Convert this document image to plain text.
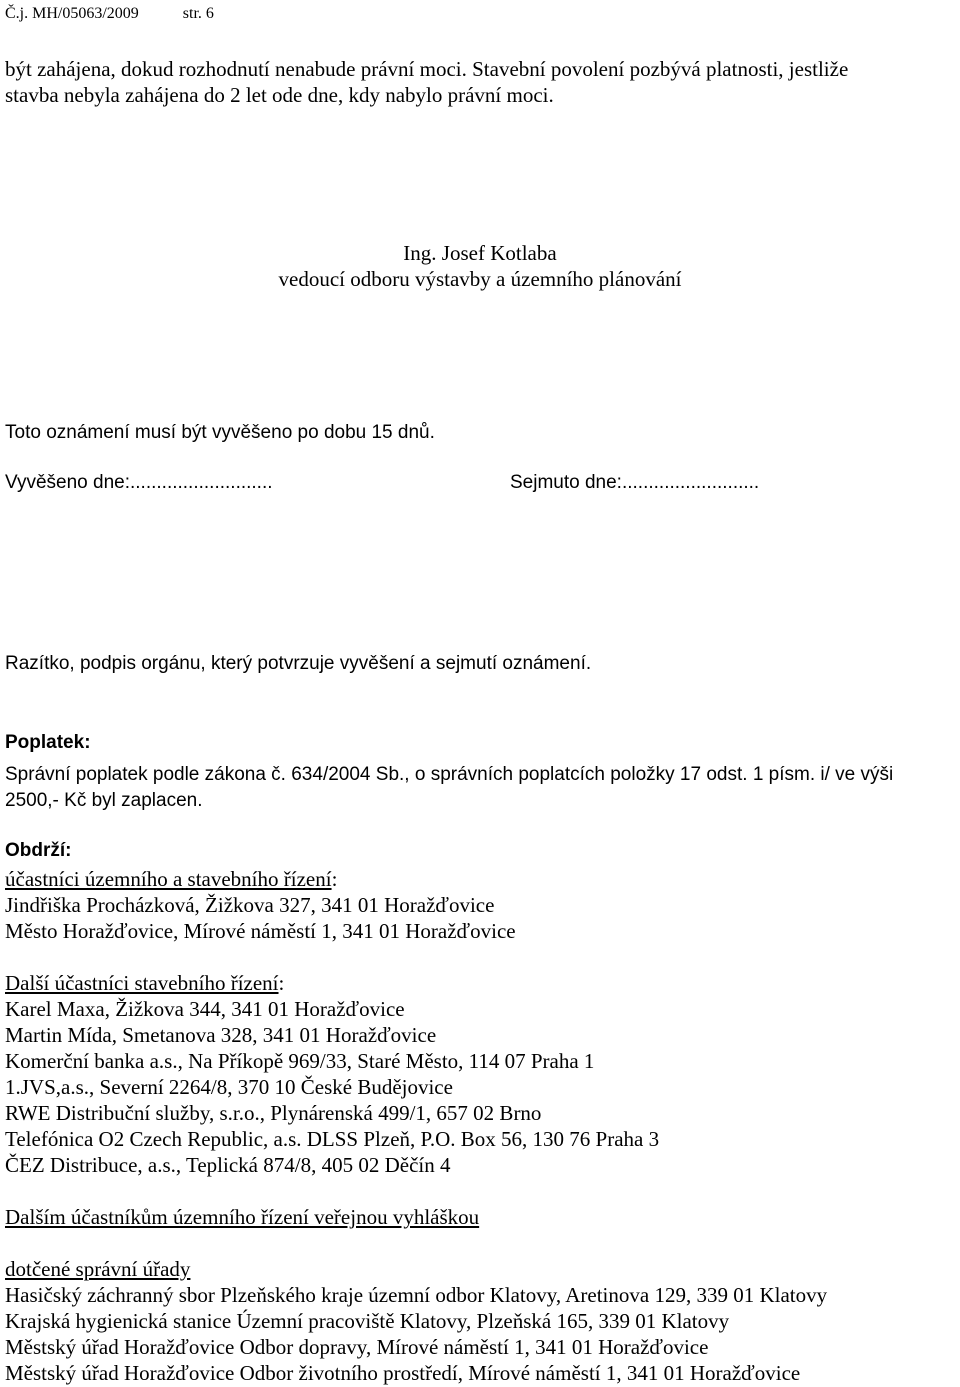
Č.j. MH/05063/2009	str. 6
být zahájena, dokud rozhodnutí nenabude právní moci. Stavební povolení pozbývá platnosti, jestliže
stavba nebyla zahájena do 2 let ode dne, kdy nabylo právní moci.
Ing. Josef Kotlaba
vedoucí odboru výstavby a územního plánování
Toto oznámení musí být vyvěšeno po dobu 15 dnů.
Vyvěšeno dne:...........................	Sejmuto dne:..........................
Razítko, podpis orgánu, který potvrzuje vyvěšení a sejmutí oznámení.
Poplatek:
Správní poplatek podle zákona č. 634/2004 Sb., o správních poplatcích položky 17 odst. 1 písm. i/ ve výši
2500,- Kč byl zaplacen.
Obdrží:
účastníci územního a stavebního řízení:
Jindřiška Procházková, Žižkova 327, 341 01 Horažďovice
Město Horažďovice, Mírové náměstí 1, 341 01 Horažďovice
Další účastníci stavebního řízení:
Karel Maxa, Žižkova 344, 341 01 Horažďovice
Martin Mída, Smetanova 328, 341 01 Horažďovice
Komerční banka a.s., Na Příkopě 969/33, Staré Město, 114 07 Praha 1
1.JVS,a.s., Severní 2264/8, 370 10 České Budějovice
RWE Distribuční služby, s.r.o., Plynárenská 499/1, 657 02 Brno
Telefónica O2 Czech Republic, a.s. DLSS Plzeň, P.O. Box 56, 130 76 Praha 3
ČEZ Distribuce, a.s., Teplická 874/8, 405 02 Děčín 4
Dalším účastníkům územního řízení veřejnou vyhláškou
dotčené správní úřady
Hasičský záchranný sbor Plzeňského kraje územní odbor Klatovy, Aretinova 129, 339 01 Klatovy
Krajská hygienická stanice Územní pracoviště Klatovy, Plzeňská 165, 339 01 Klatovy
Městský úřad Horažďovice Odbor dopravy, Mírové náměstí 1, 341 01 Horažďovice
Městský úřad Horažďovice Odbor životního prostředí, Mírové náměstí 1, 341 01 Horažďovice
